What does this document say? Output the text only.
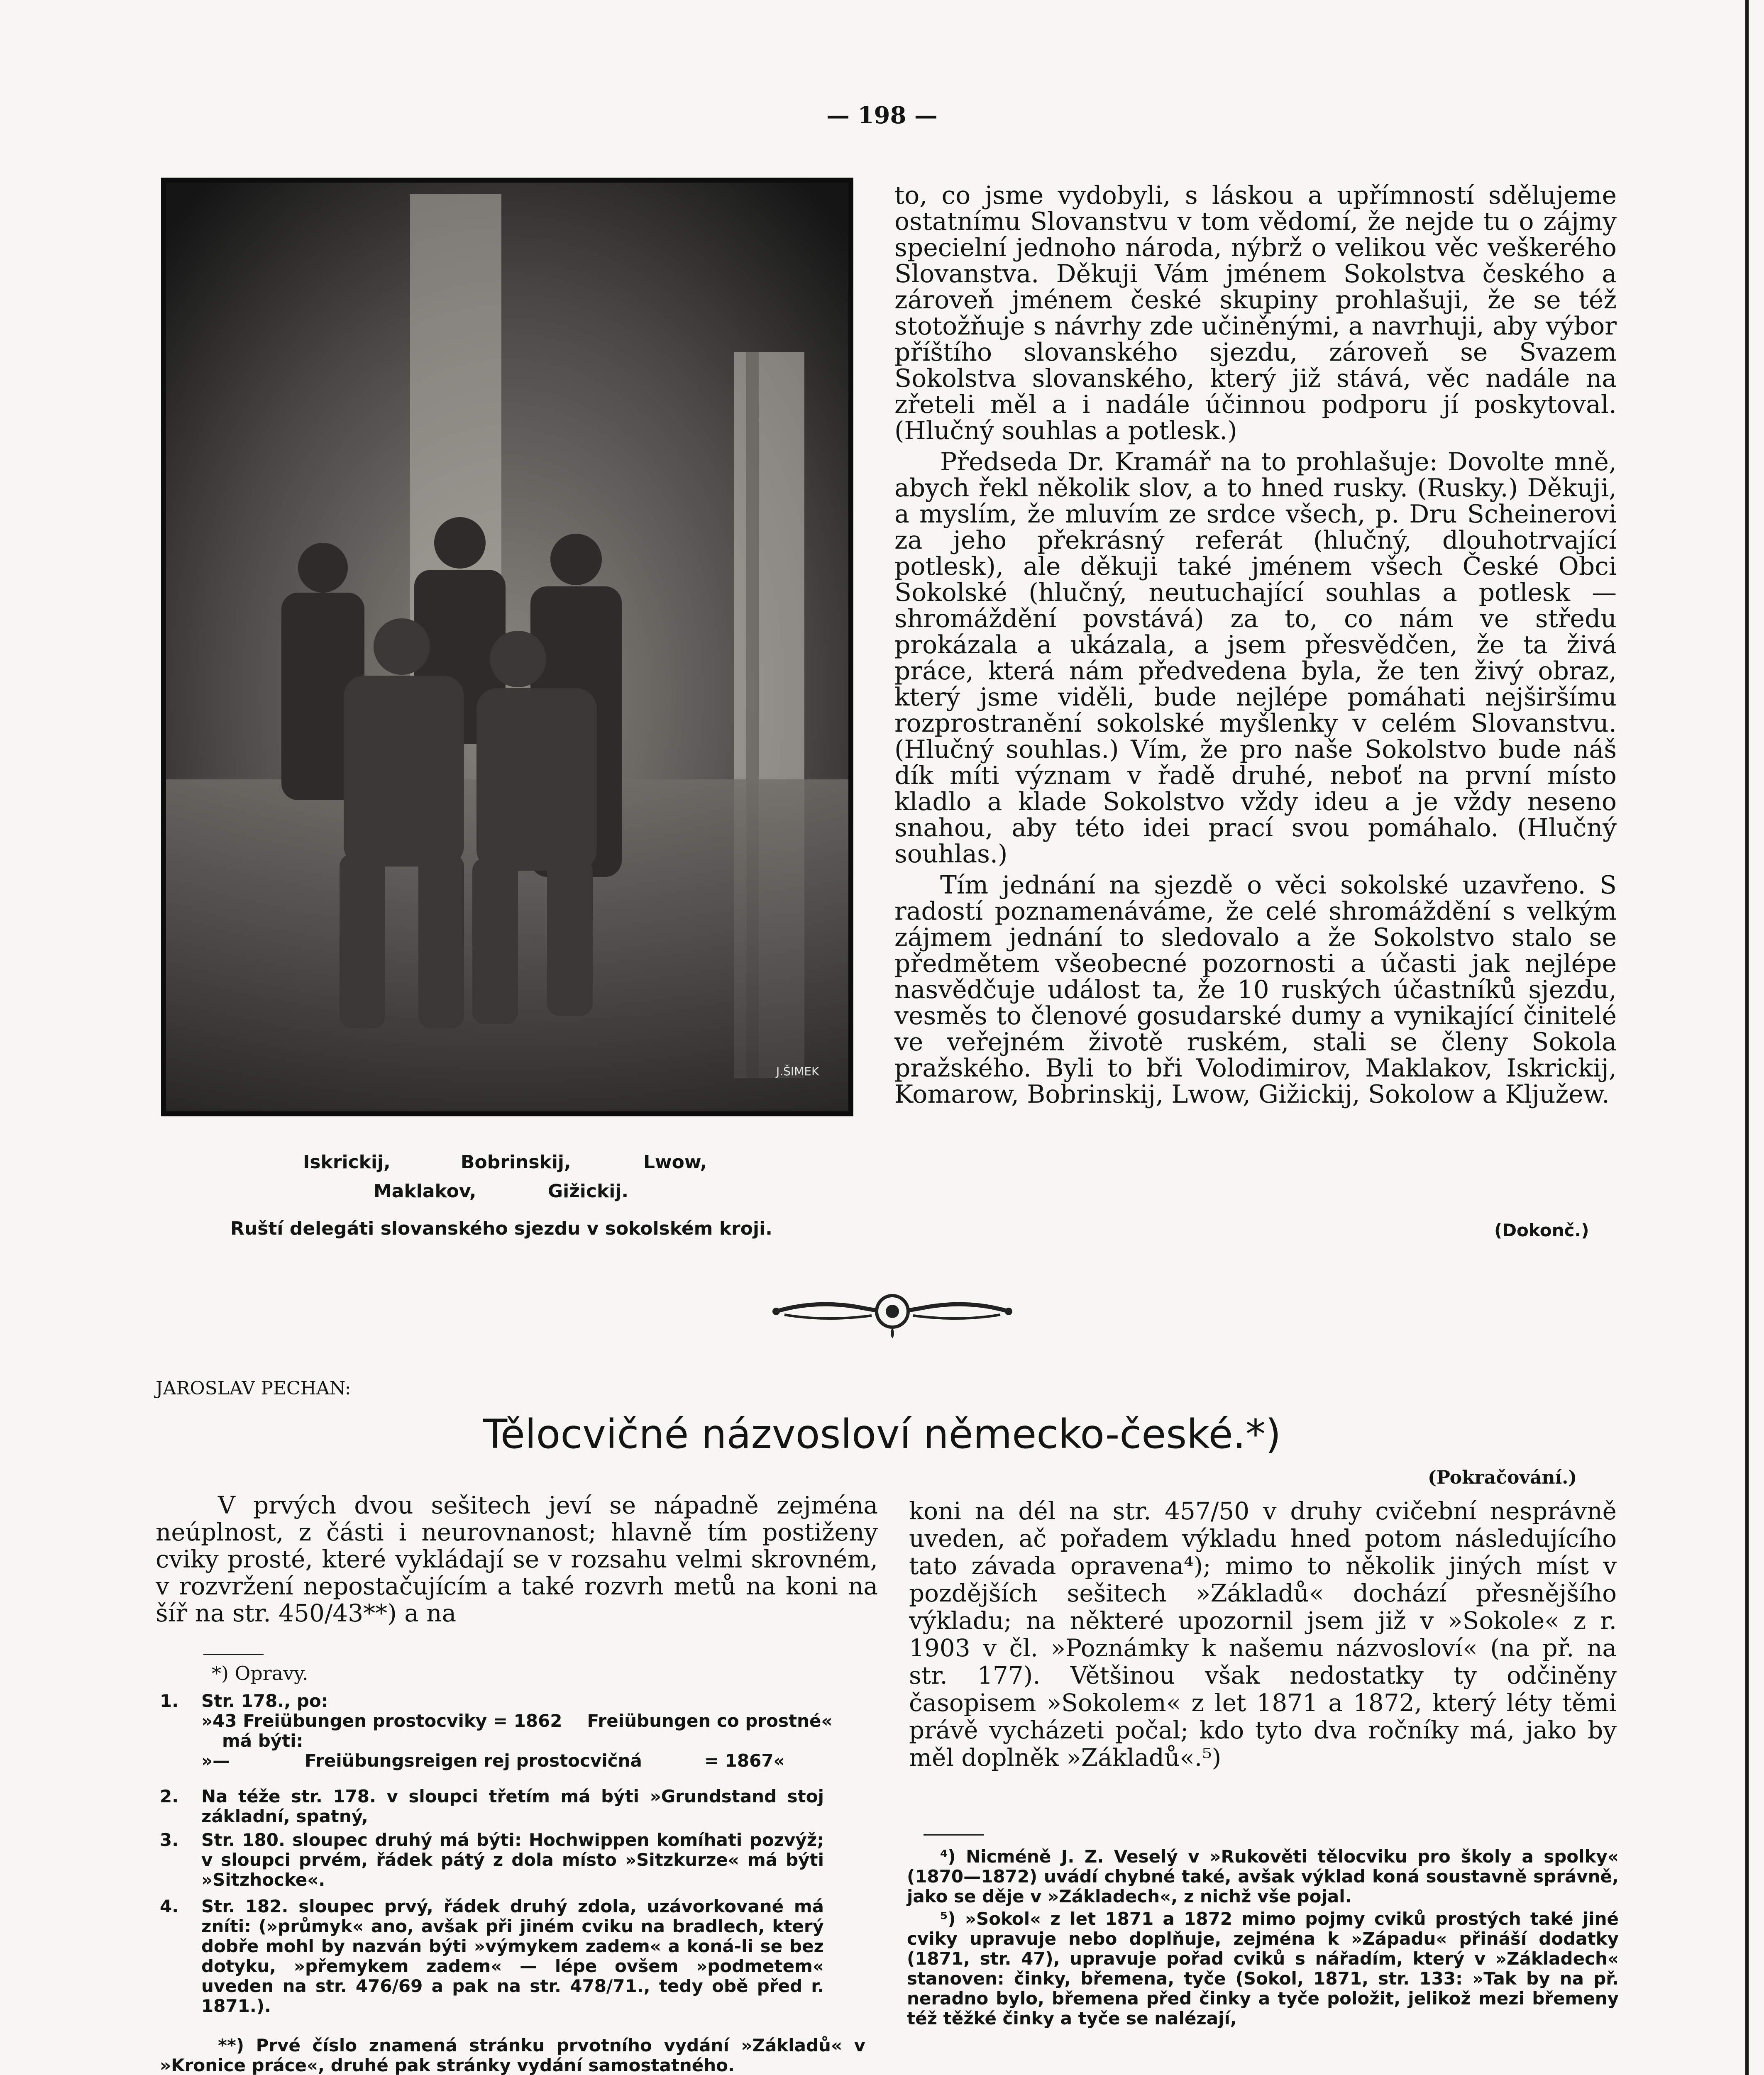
— 198 —
J.ŠIMEK
Iskrickij,	Bobrinskij,	Lwow,
Maklakov,	Gižickij.
Ruští delegáti slovanského sjezdu v sokolském kroji.

to, co jsme vydobyli, s láskou a upřímností sdělujeme ostatnímu Slovanstvu v tom vědomí, že nejde tu o zájmy specielní jednoho národa, nýbrž o velikou věc veškerého Slovanstva. Děkuji Vám jménem Sokolstva českého a zároveň jménem české skupiny prohlašuji, že se též stotožňuje s návrhy zde učiněnými, a navrhuji, aby výbor příštího slovanského sjezdu, zároveň se Svazem Sokolstva slovanského, který již stává, věc nadále na zřeteli měl a i nadále účinnou podporu jí poskytoval. (Hlučný souhlas a potlesk.)

Předseda Dr. Kramář na to prohlašuje: Dovolte mně, abych řekl několik slov, a to hned rusky. (Rusky.) Děkuji, a myslím, že mluvím ze srdce všech, p. Dru Scheinerovi za jeho překrásný referát (hlučný, dlouhotrvající potlesk), ale děkuji také jménem všech České Obci Sokolské (hlučný, neutuchající souhlas a potlesk — shromáždění povstává) za to, co nám ve středu prokázala a ukázala, a jsem přesvědčen, že ta živá práce, která nám předvedena byla, že ten živý obraz, který jsme viděli, bude nejlépe pomáhati nejširšímu rozprostranění sokolské myšlenky v celém Slovanstvu. (Hlučný souhlas.) Vím, že pro naše Sokolstvo bude náš dík míti význam v řadě druhé, neboť na první místo kladlo a klade Sokolstvo vždy ideu a je vždy neseno snahou, aby této idei prací svou pomáhalo. (Hlučný souhlas.)

Tím jednání na sjezdě o věci sokolské uzavřeno. S radostí poznamenáváme, že celé shromáždění s velkým zájmem jednání to sledovalo a že Sokolstvo stalo se předmětem všeobecné pozornosti a účasti jak nejlépe nasvědčuje událost ta, že 10 ruských účastníků sjezdu, vesměs to členové gosudarské dumy a vynikající činitelé ve veřejném životě ruském, stali se členy Sokola pražského. Byli to bři Volodimirov, Maklakov, Iskrickij, Komarow, Bobrinskij, Lwow, Gižickij, Sokolow a Kljužew.

(Dokonč.)
JAROSLAV PECHAN:
Tělocvičné názvosloví německo-české.*)
(Pokračování.)

V prvých dvou sešitech jeví se nápadně zejména neúplnost, z části i neurovnanost; hlavně tím postiženy cviky prosté, které vykládají se v rozsahu velmi skrovném, v rozvržení nepostačujícím a také rozvrh metů na koni na šíř na str. 450/43**) a na

koni na dél na str. 457/50 v druhy cvičební nesprávně uveden, ač pořadem výkladu hned potom následujícího tato závada opravena⁴); mimo to několik jiných míst v pozdějších sešitech »Základů« dochází přesnějšího výkladu; na některé upozornil jsem již v »Sokole« z r. 1903 v čl. »Poznámky k našemu názvosloví« (na př. na str. 177). Většinou však nedostatky ty odčiněny časopisem »Sokolem« z let 1871 a 1872, který léty těmi právě vycházeti počal; kdo tyto dva ročníky má, jako by měl doplněk »Základů«.⁵)

*) Opravy.
1. Str. 178., po:
»43 Freiübungen prostocviky = 1862 Freiübungen co prostné«
má býti:
»—	Freiübungsreigen rej prostocvičná	= 1867«
2. Na téže str. 178. v sloupci třetím má býti »Grundstand stoj základní, spatný,
3. Str. 180. sloupec druhý má býti: Hochwippen komíhati pozvýž; v sloupci prvém, řádek pátý z dola místo »Sitzkurze« má býti »Sitzhocke«.
4. Str. 182. sloupec prvý, řádek druhý zdola, uzávorkované má zníti: (»průmyk« ano, avšak při jiném cviku na bradlech, který dobře mohl by nazván býti »výmykem zadem« a koná-li se bez dotyku, »přemykem zadem« — lépe ovšem »podmetem« uveden na str. 476/69 a pak na str. 478/71., tedy obě před r. 1871.).
**) Prvé číslo znamená stránku prvotního vydání »Základů« v »Kronice práce«, druhé pak stránky vydání samostatného.

⁴) Nicméně J. Z. Veselý v »Rukověti tělocviku pro školy a spolky« (1870—1872) uvádí chybné také, avšak výklad koná soustavně správně, jako se děje v »Základech«, z nichž vše pojal.

⁵) »Sokol« z let 1871 a 1872 mimo pojmy cviků prostých také jiné cviky upravuje nebo doplňuje, zejména k »Západu« přináší dodatky (1871, str. 47), upravuje pořad cviků s nářadím, který v »Základech« stanoven: činky, břemena, tyče (Sokol, 1871, str. 133: »Tak by na př. neradno bylo, břemena před činky a tyče položit, jelikož mezi břemeny též těžké činky a tyče se nalézají,
